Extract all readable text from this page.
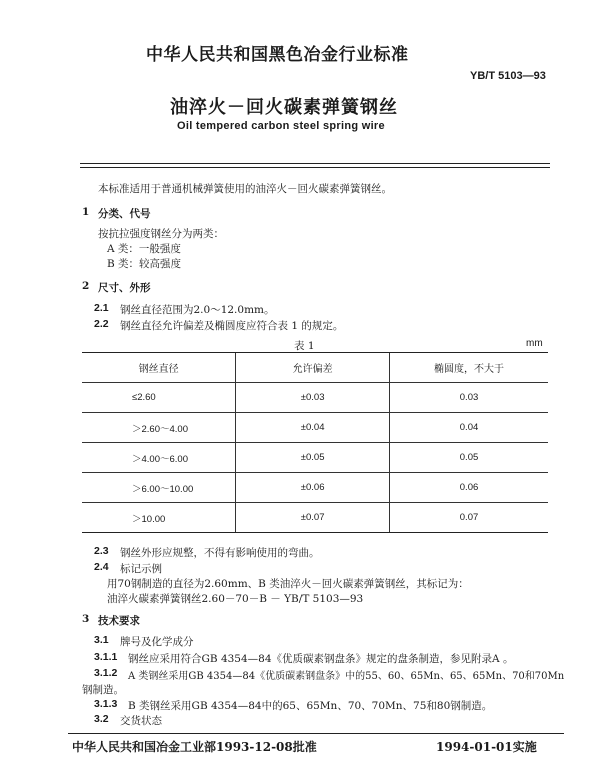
中华人民共和国黑色冶金行业标准
YB/T 5103—93
油淬火－回火碳素弹簧钢丝
Oil tempered carbon steel spring wire
本标准适用于普通机械弹簧使用的油淬火－回火碳素弹簧钢丝。
1 分类、代号
按抗拉强度钢丝分为两类：
A 类：一般强度
B 类：较高强度
2 尺寸、外形
2.1 钢丝直径范围为2.0～12.0mm。
2.2 钢丝直径允许偏差及椭圆度应符合表 1 的规定。
表 1	mm
钢丝直径	允许偏差	椭圆度，不大于
≤2.60	±0.03	0.03
＞2.60～4.00	±0.04	0.04
＞4.00～6.00	±0.05	0.05
＞6.00～10.00	±0.06	0.06
＞10.00	±0.07	0.07
2.3 钢丝外形应规整，不得有影响使用的弯曲。
2.4 标记示例
用70钢制造的直径为2.60mm、B 类油淬火－回火碳素弹簧钢丝，其标记为：
油淬火碳素弹簧钢丝2.60－70－B － YB/T 5103—93
3 技术要求
3.1 牌号及化学成分
3.1.1 钢丝应采用符合GB 4354—84《优质碳素钢盘条》规定的盘条制造，参见附录A 。
3.1.2 A 类钢丝采用GB 4354—84《优质碳素钢盘条》中的55、60、65Mn、65、65Mn、70和70Mn
钢制造。
3.1.3 B 类钢丝采用GB 4354—84中的65、65Mn、70、70Mn、75和80钢制造。
3.2 交货状态
中华人民共和国冶金工业部1993-12-08批准	1994-01-01实施
